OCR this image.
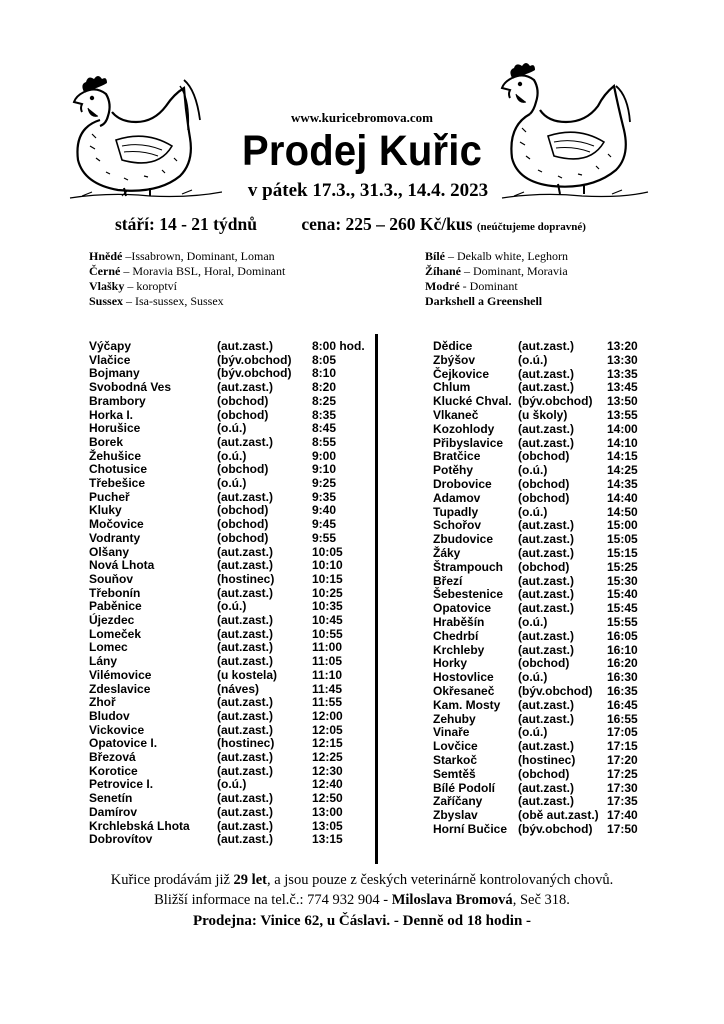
www.kuricebromova.com
Prodej Kuřic
v pátek 17.3., 31.3., 14.4. 2023
stáří: 14 - 21 týdnů	cena: 225 – 260 Kč/kus (neúčtujeme dopravné)
Hnědé –Issabrown, Dominant, Loman
Černé – Moravia BSL, Horal, Dominant
Vlašky – koroptví
Sussex – Isa-sussex, Sussex
Bílé – Dekalb white, Leghorn
Žíhané – Dominant, Moravia
Modré - Dominant
Darkshell a Greenshell
Výčapy	(aut.zast.)	8:00 hod.
Vlačice	(býv.obchod) 8:05
Bojmany	(býv.obchod) 8:10
Svobodná Ves	(aut.zast.)	8:20
Brambory	(obchod)	8:25
Horka I.	(obchod)	8:35
Horušice	(o.ú.)	8:45
Borek	(aut.zast.)	8:55
Žehušice	(o.ú.)	9:00
Chotusice	(obchod)	9:10
Třebešice	(o.ú.)	9:25
Pucheř	(aut.zast.)	9:35
Kluky	(obchod)	9:40
Močovice	(obchod)	9:45
Vodranty	(obchod)	9:55
Olšany	(aut.zast.)	10:05
Nová Lhota	(aut.zast.)	10:10
Souňov	(hostinec)	10:15
Třebonín	(aut.zast.)	10:25
Paběnice	(o.ú.)	10:35
Újezdec	(aut.zast.)	10:45
Lomeček	(aut.zast.)	10:55
Lomec	(aut.zast.)	11:00
Lány	(aut.zast.)	11:05
Vilémovice	(u kostela)	11:10
Zdeslavice	(náves)	11:45
Zhoř	(aut.zast.)	11:55
Bludov	(aut.zast.)	12:00
Vickovice	(aut.zast.)	12:05
Opatovice I.	(hostinec)	12:15
Březová	(aut.zast.)	12:25
Korotice	(aut.zast.)	12:30
Petrovice I.	(o.ú.)	12:40
Senetín	(aut.zast.)	12:50
Damírov	(aut.zast.)	13:00
Krchlebská Lhota (aut.zast.)	13:05
Dobrovítov	(aut.zast.)	13:15
Dědice	(aut.zast.)	13:20
Zbýšov	(o.ú.)	13:30
Čejkovice (aut.zast.)	13:35
Chlum	(aut.zast.)	13:45
Klucké Chval. (býv.obchod) 13:50
Vlkaneč	(u školy)	13:55
Kozohlody (aut.zast.)	14:00
Přibyslavice (aut.zast.)	14:10
Bratčice	(obchod)	14:15
Potěhy	(o.ú.)	14:25
Drobovice (obchod)	14:35
Adamov	(obchod)	14:40
Tupadly	(o.ú.)	14:50
Schořov	(aut.zast.)	15:00
Zbudovice (aut.zast.)	15:05
Žáky	(aut.zast.)	15:15
Štrampouch (obchod)	15:25
Březí	(aut.zast.)	15:30
Šebestenice (aut.zast.)	15:40
Opatovice (aut.zast.)	15:45
Hraběšín	(o.ú.)	15:55
Chedrbí	(aut.zast.)	16:05
Krchleby	(aut.zast.)	16:10
Horky	(obchod)	16:20
Hostovlice (o.ú.)	16:30
Okřesaneč (býv.obchod) 16:35
Kam. Mosty (aut.zast.)	16:45
Zehuby	(aut.zast.)	16:55
Vinaře	(o.ú.)	17:05
Lovčice	(aut.zast.)	17:15
Starkoč	(hostinec)	17:20
Semtěš	(obchod)	17:25
Bílé Podolí (aut.zast.)	17:30
Zaříčany	(aut.zast.)	17:35
Zbyslav	(obě aut.zast.) 17:40
Horní Bučice (býv.obchod) 17:50
Kuřice prodávám již 29 let, a jsou pouze z českých veterinárně kontrolovaných chovů.
Bližší informace na tel.č.: 774 932 904 - Miloslava Bromová, Seč 318.
Prodejna: Vinice 62, u Čáslavi. - Denně od 18 hodin -
